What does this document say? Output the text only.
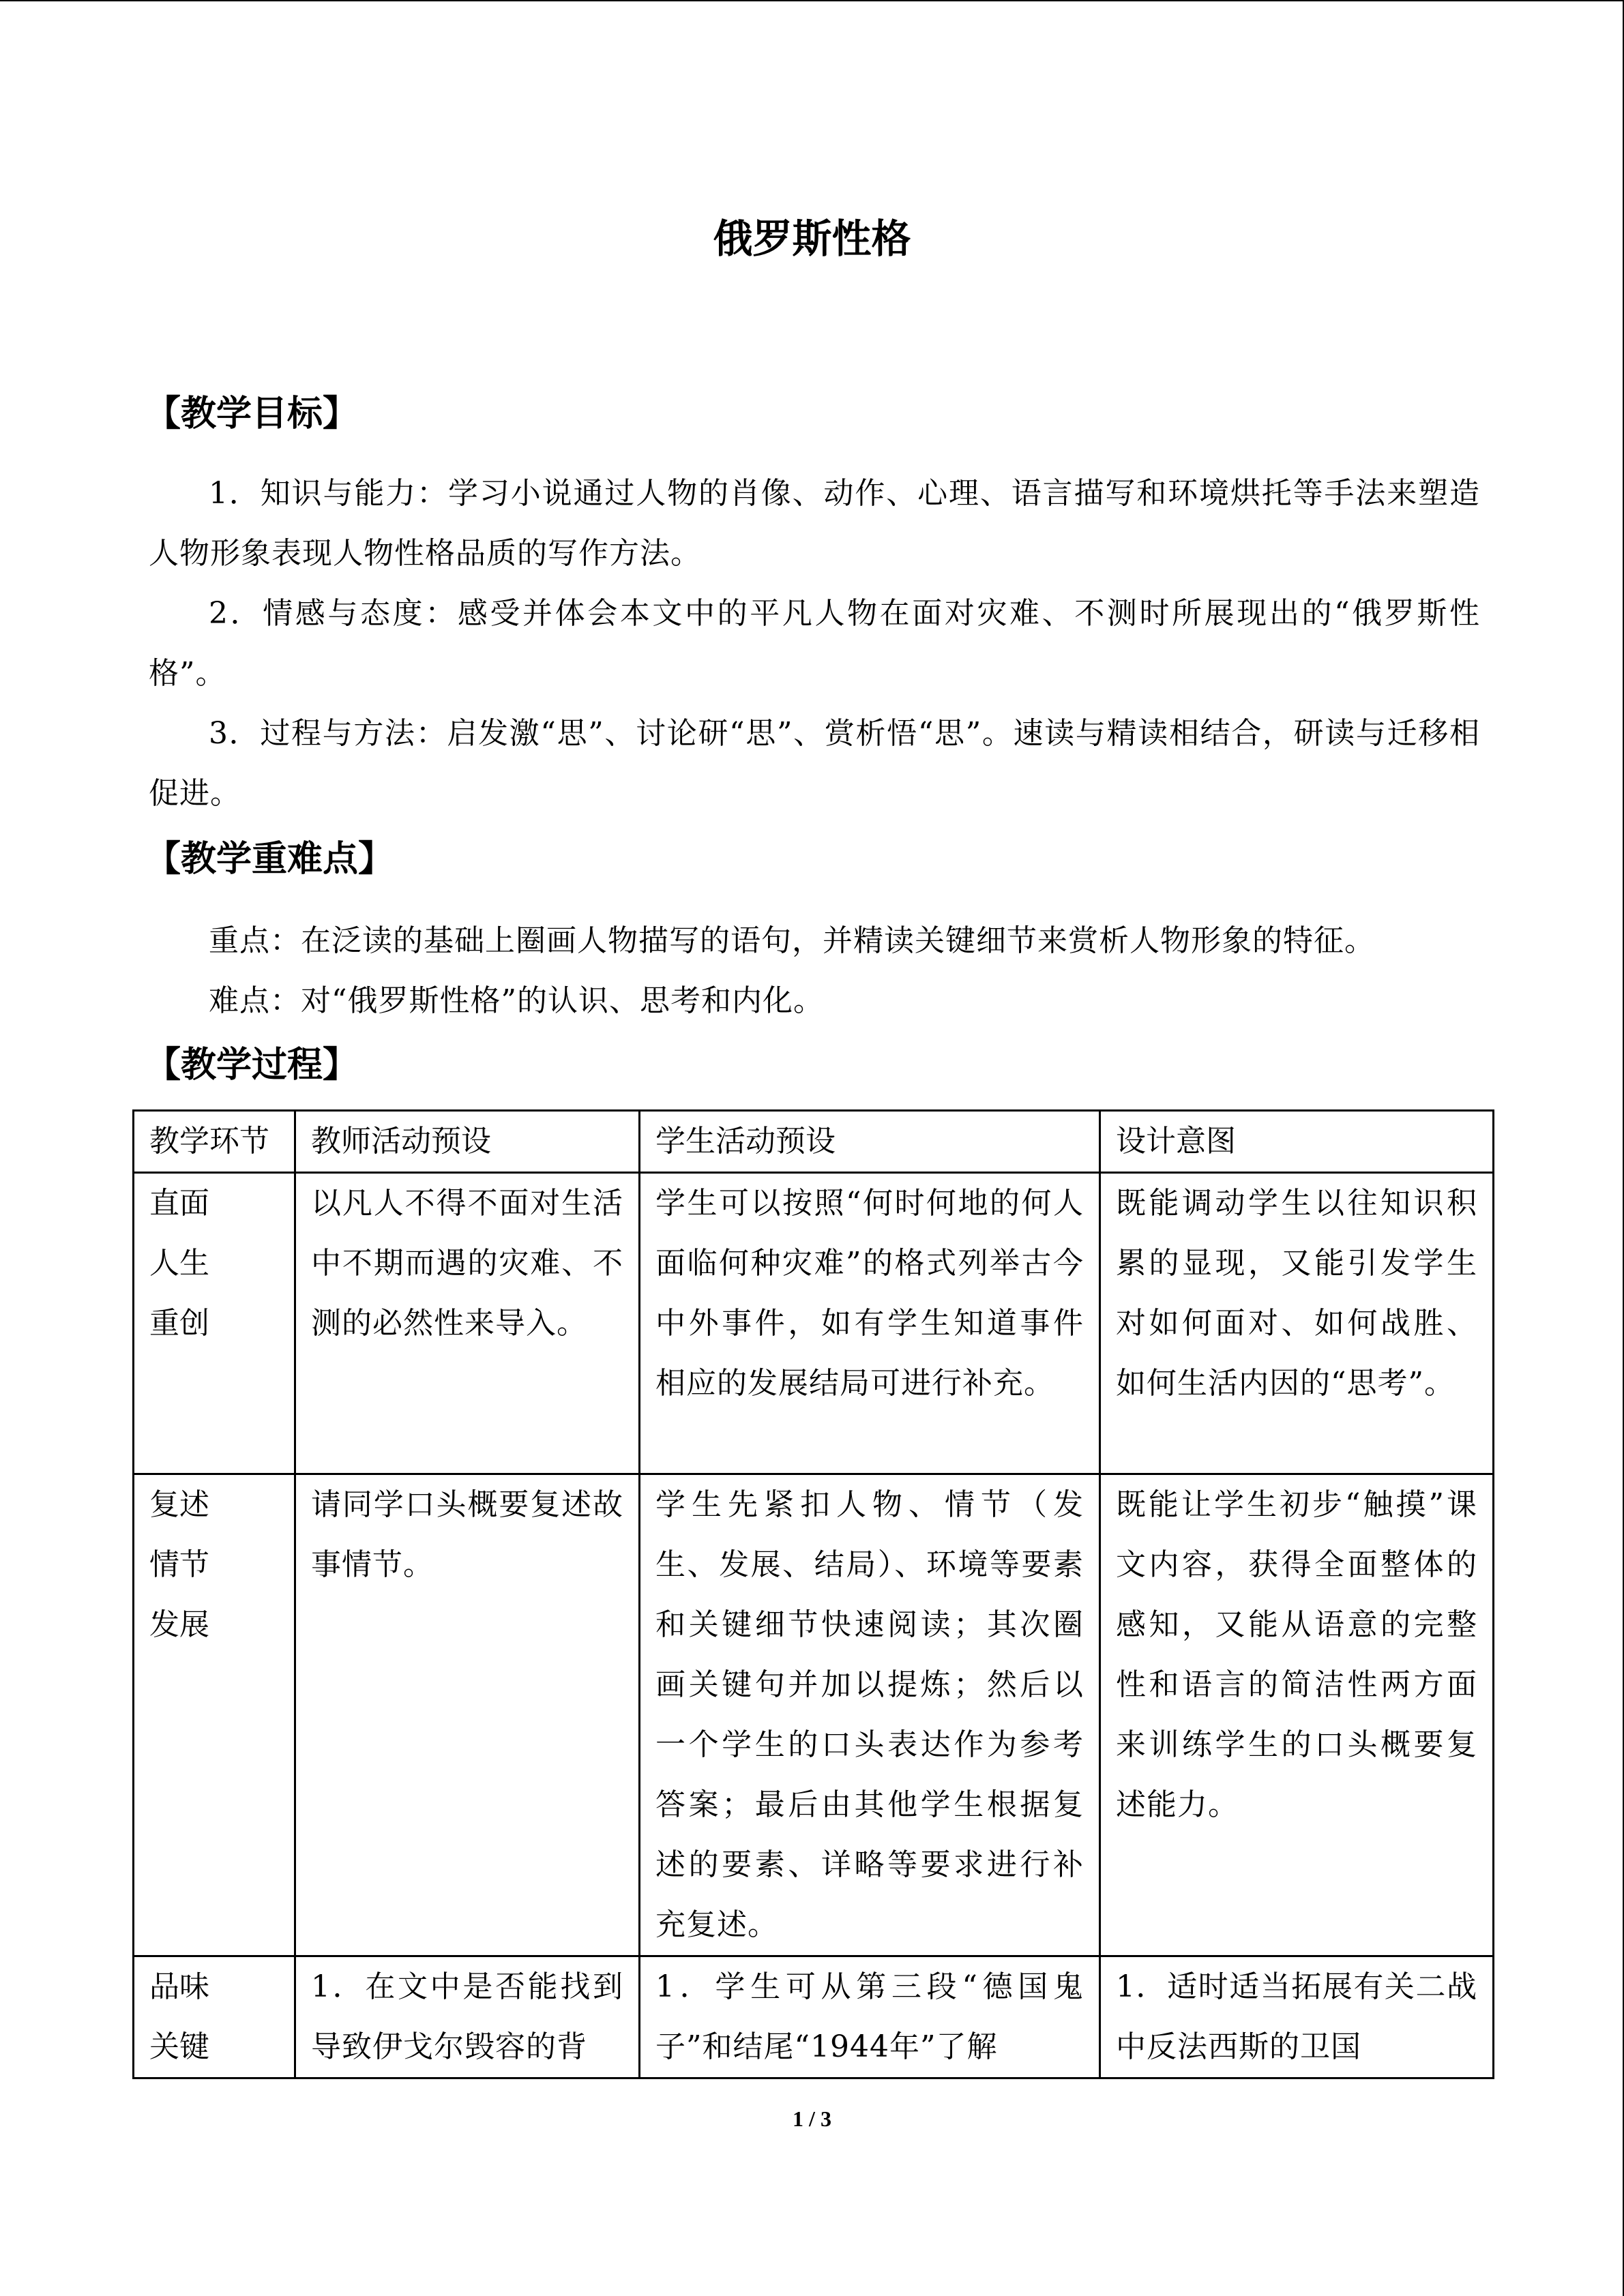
俄罗斯性格
【教学目标】
1．知识与能力：学习小说通过人物的肖像、动作、心理、语言描写和环境烘托等手法来塑造人物形象表现人物性格品质的写作方法。
2．情感与态度：感受并体会本文中的平凡人物在面对灾难、不测时所展现出的“俄罗斯性格”。
3．过程与方法：启发激“思”、讨论研“思”、赏析悟“思”。速读与精读相结合，研读与迁移相促进。
【教学重难点】
重点：在泛读的基础上圈画人物描写的语句，并精读关键细节来赏析人物形象的特征。
难点：对“俄罗斯性格”的认识、思考和内化。
【教学过程】
教学环节	教师活动预设	学生活动预设	设计意图

直面
人生
重创	以凡人不得不面对生活中不期而遇的灾难、不测的必然性来导入。	学生可以按照“何时何地的何人面临何种灾难”的格式列举古今中外事件，如有学生知道事件相应的发展结局可进行补充。	既能调动学生以往知识积累的显现，又能引发学生对如何面对、如何战胜、如何生活内因的“思考”。

复述
情节
发展	请同学口头概要复述故事情节。	学生先紧扣人物、情节（发生、发展、结局）、环境等要素和关键细节快速阅读；其次圈画关键句并加以提炼；然后以一个学生的口头表达作为参考答案；最后由其他学生根据复述的要素、详略等要求进行补充复述。	既能让学生初步“触摸”课文内容，获得全面整体的感知，又能从语意的完整性和语言的简洁性两方面来训练学生的口头概要复述能力。

品味
关键	1．在文中是否能找到导致伊戈尔毁容的背	1．学生可从第三段“德国鬼子”和结尾“1944年”了解	1．适时适当拓展有关二战中反法西斯的卫国
1 / 3
